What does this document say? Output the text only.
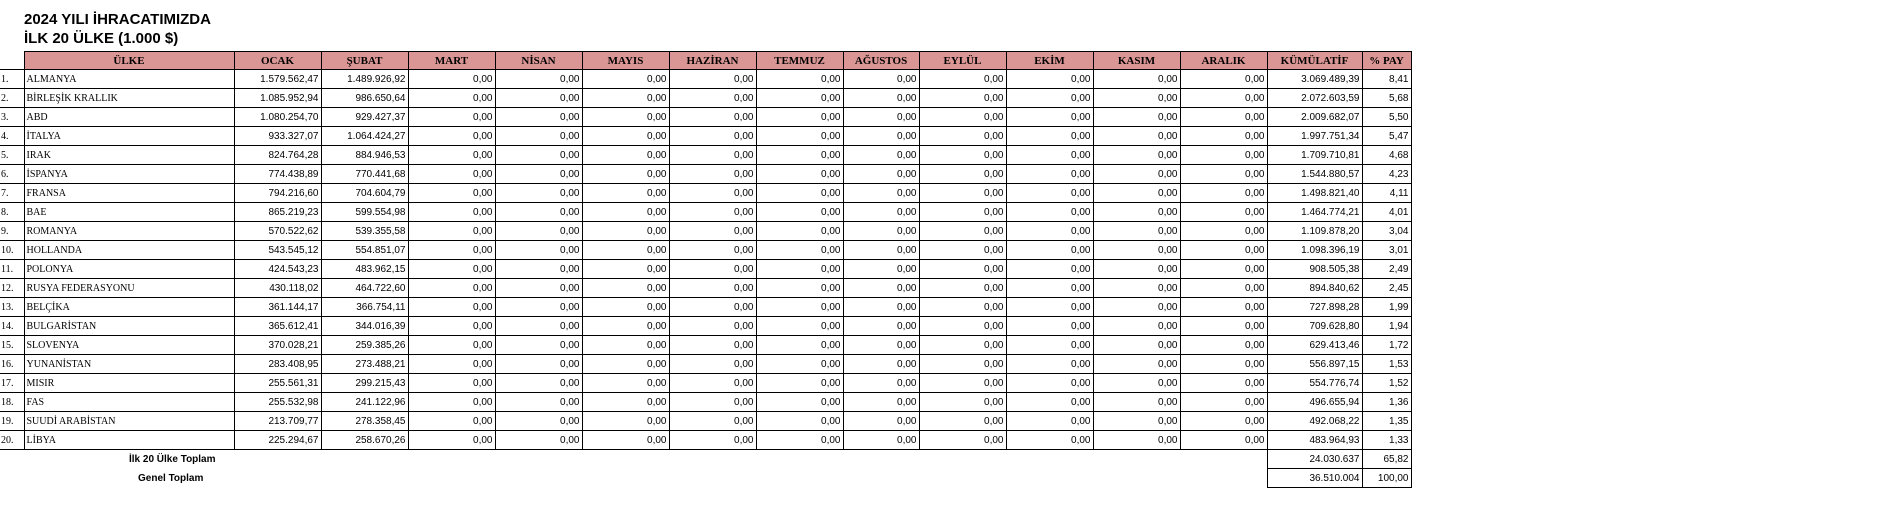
2024 YILI İHRACATIMIZDA
İLK 20 ÜLKE (1.000 $)
	ÜLKE	OCAK	ŞUBAT	MART	NİSAN	MAYIS	HAZİRAN	TEMMUZ	AĞUSTOS	EYLÜL	EKİM	KASIM	ARALIK	KÜMÜLATİF	% PAY
1.	ALMANYA	1.579.562,47	1.489.926,92	0,00	0,00	0,00	0,00	0,00	0,00	0,00	0,00	0,00	0,00	3.069.489,39	8,41
2.	BİRLEŞİK KRALLIK	1.085.952,94	986.650,64	0,00	0,00	0,00	0,00	0,00	0,00	0,00	0,00	0,00	0,00	2.072.603,59	5,68
3.	ABD	1.080.254,70	929.427,37	0,00	0,00	0,00	0,00	0,00	0,00	0,00	0,00	0,00	0,00	2.009.682,07	5,50
4.	İTALYA	933.327,07	1.064.424,27	0,00	0,00	0,00	0,00	0,00	0,00	0,00	0,00	0,00	0,00	1.997.751,34	5,47
5.	IRAK	824.764,28	884.946,53	0,00	0,00	0,00	0,00	0,00	0,00	0,00	0,00	0,00	0,00	1.709.710,81	4,68
6.	İSPANYA	774.438,89	770.441,68	0,00	0,00	0,00	0,00	0,00	0,00	0,00	0,00	0,00	0,00	1.544.880,57	4,23
7.	FRANSA	794.216,60	704.604,79	0,00	0,00	0,00	0,00	0,00	0,00	0,00	0,00	0,00	0,00	1.498.821,40	4,11
8.	BAE	865.219,23	599.554,98	0,00	0,00	0,00	0,00	0,00	0,00	0,00	0,00	0,00	0,00	1.464.774,21	4,01
9.	ROMANYA	570.522,62	539.355,58	0,00	0,00	0,00	0,00	0,00	0,00	0,00	0,00	0,00	0,00	1.109.878,20	3,04
10.	HOLLANDA	543.545,12	554.851,07	0,00	0,00	0,00	0,00	0,00	0,00	0,00	0,00	0,00	0,00	1.098.396,19	3,01
11.	POLONYA	424.543,23	483.962,15	0,00	0,00	0,00	0,00	0,00	0,00	0,00	0,00	0,00	0,00	908.505,38	2,49
12.	RUSYA FEDERASYONU	430.118,02	464.722,60	0,00	0,00	0,00	0,00	0,00	0,00	0,00	0,00	0,00	0,00	894.840,62	2,45
13.	BELÇİKA	361.144,17	366.754,11	0,00	0,00	0,00	0,00	0,00	0,00	0,00	0,00	0,00	0,00	727.898,28	1,99
14.	BULGARİSTAN	365.612,41	344.016,39	0,00	0,00	0,00	0,00	0,00	0,00	0,00	0,00	0,00	0,00	709.628,80	1,94
15.	SLOVENYA	370.028,21	259.385,26	0,00	0,00	0,00	0,00	0,00	0,00	0,00	0,00	0,00	0,00	629.413,46	1,72
16.	YUNANİSTAN	283.408,95	273.488,21	0,00	0,00	0,00	0,00	0,00	0,00	0,00	0,00	0,00	0,00	556.897,15	1,53
17.	MISIR	255.561,31	299.215,43	0,00	0,00	0,00	0,00	0,00	0,00	0,00	0,00	0,00	0,00	554.776,74	1,52
18.	FAS	255.532,98	241.122,96	0,00	0,00	0,00	0,00	0,00	0,00	0,00	0,00	0,00	0,00	496.655,94	1,36
19.	SUUDİ ARABİSTAN	213.709,77	278.358,45	0,00	0,00	0,00	0,00	0,00	0,00	0,00	0,00	0,00	0,00	492.068,22	1,35
20.	LİBYA	225.294,67	258.670,26	0,00	0,00	0,00	0,00	0,00	0,00	0,00	0,00	0,00	0,00	483.964,93	1,33
	İlk 20 Ülke Toplam													24.030.637	65,82
	Genel Toplam													36.510.004	100,00
